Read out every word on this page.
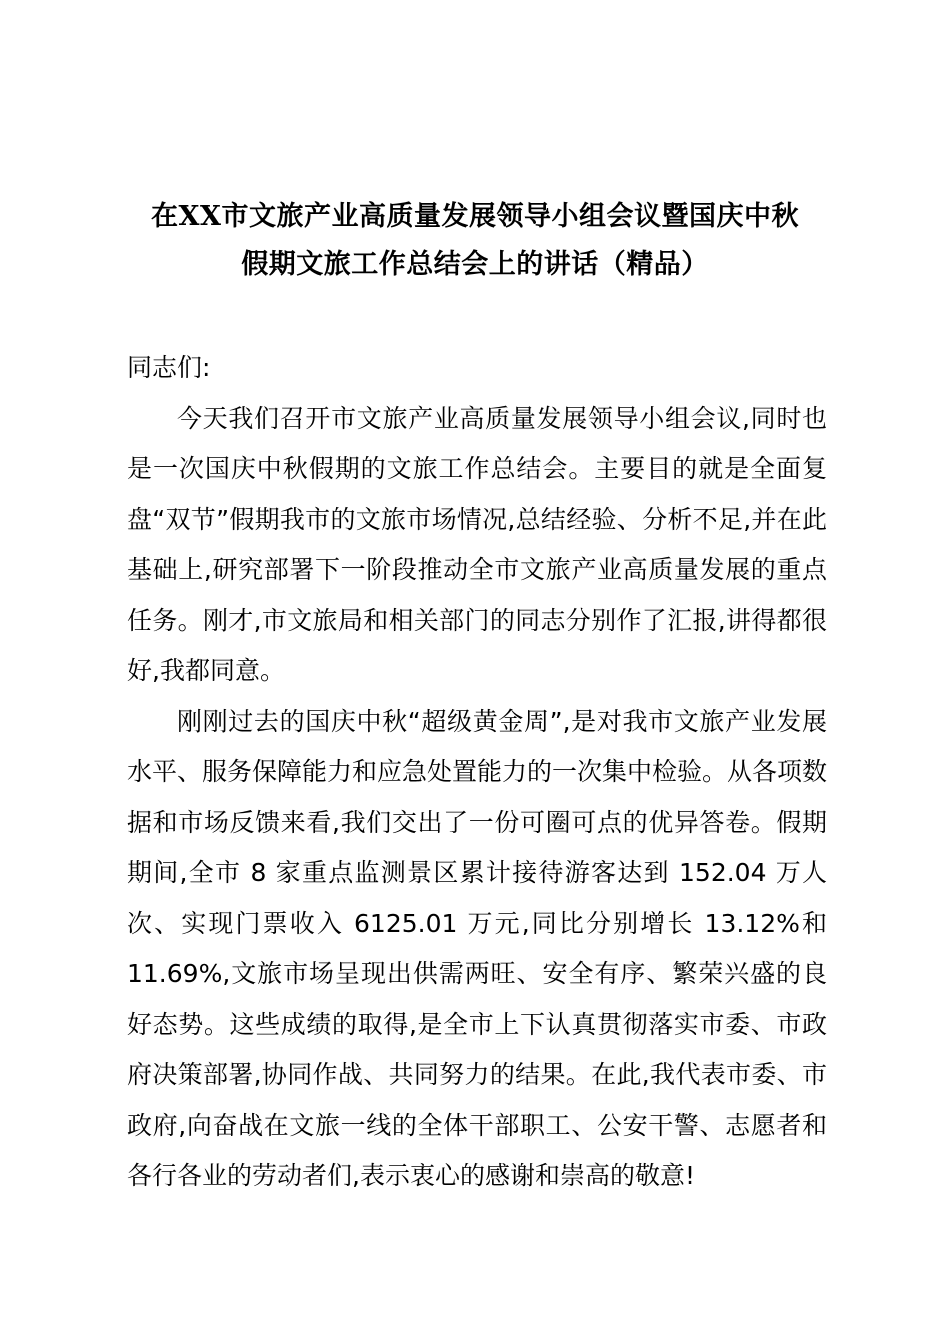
在XX市文旅产业高质量发展领导小组会议暨国庆中秋
假期文旅工作总结会上的讲话（精品）

同志们:

今天我们召开市文旅产业高质量发展领导小组会议,同时也是一次国庆中秋假期的文旅工作总结会。主要目的就是全面复盘“双节”假期我市的文旅市场情况,总结经验、分析不足,并在此基础上,研究部署下一阶段推动全市文旅产业高质量发展的重点任务。刚才,市文旅局和相关部门的同志分别作了汇报,讲得都很好,我都同意。

刚刚过去的国庆中秋“超级黄金周”,是对我市文旅产业发展水平、服务保障能力和应急处置能力的一次集中检验。从各项数据和市场反馈来看,我们交出了一份可圈可点的优异答卷。假期期间,全市 8 家重点监测景区累计接待游客达到 152.04 万人次、实现门票收入 6125.01 万元,同比分别增长 13.12%和11.69%,文旅市场呈现出供需两旺、安全有序、繁荣兴盛的良好态势。这些成绩的取得,是全市上下认真贯彻落实市委、市政府决策部署,协同作战、共同努力的结果。在此,我代表市委、市政府,向奋战在文旅一线的全体干部职工、公安干警、志愿者和各行各业的劳动者们,表示衷心的感谢和崇高的敬意!
